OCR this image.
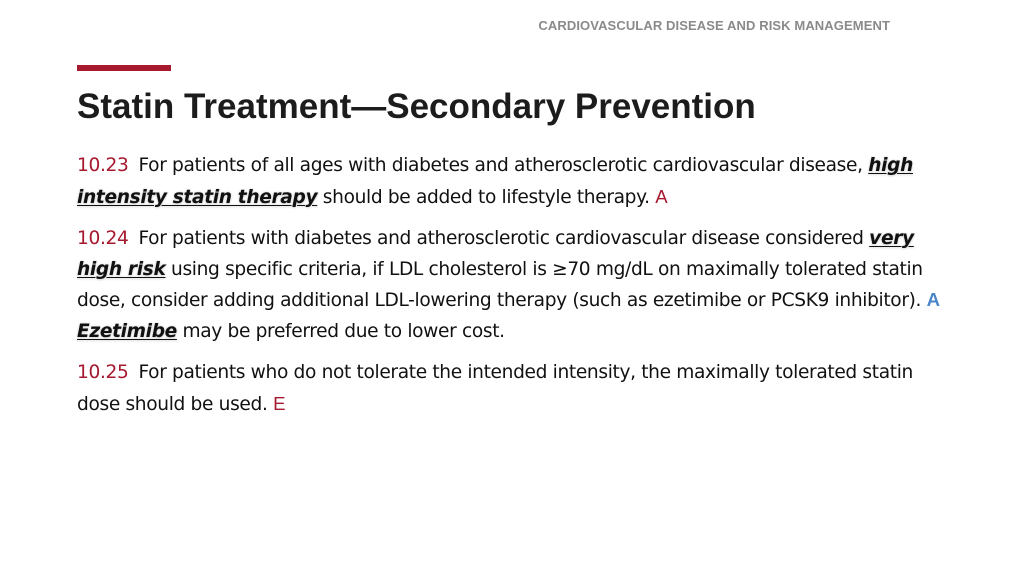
CARDIOVASCULAR DISEASE AND RISK MANAGEMENT
Statin Treatment—Secondary Prevention

10.23 For patients of all ages with diabetes and atherosclerotic cardiovascular disease, high intensity statin therapy should be added to lifestyle therapy. A

10.24 For patients with diabetes and atherosclerotic cardiovascular disease considered very high risk using specific criteria, if LDL cholesterol is ≥70 mg/dL on maximally tolerated statin dose, consider adding additional LDL-lowering therapy (such as ezetimibe or PCSK9 inhibitor). A Ezetimibe may be preferred due to lower cost.

10.25 For patients who do not tolerate the intended intensity, the maximally tolerated statin dose should be used. E
